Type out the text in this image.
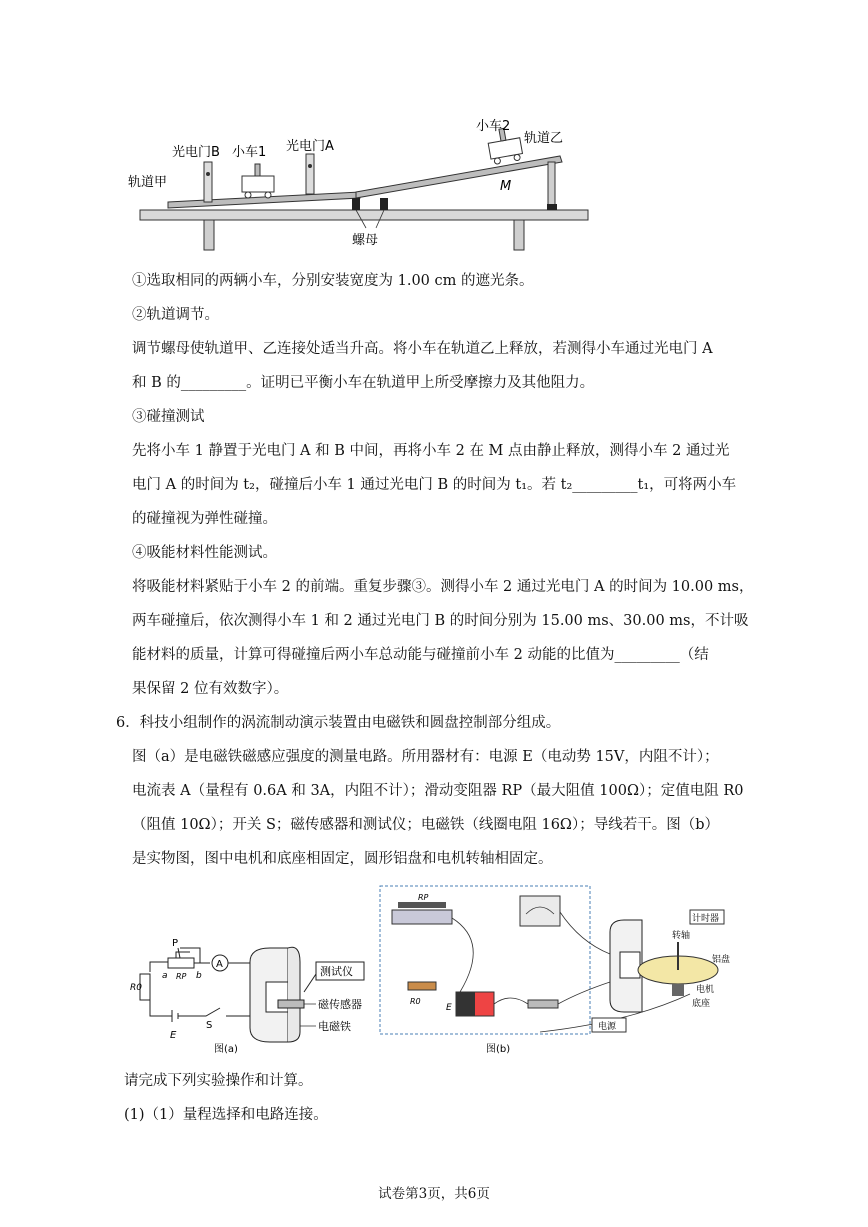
光电门B 小车1 光电门A
小车2
轨道乙
轨道甲	M
螺母

①选取相同的两辆小车，分别安装宽度为 1.00 cm 的遮光条。

②轨道调节。

调节螺母使轨道甲、乙连接处适当升高。将小车在轨道乙上释放，若测得小车通过光电门 A

和 B 的_________。证明已平衡小车在轨道甲上所受摩擦力及其他阻力。

③碰撞测试

先将小车 1 静置于光电门 A 和 B 中间，再将小车 2 在 M 点由静止释放，测得小车 2 通过光

电门 A 的时间为 t₂，碰撞后小车 1 通过光电门 B 的时间为 t₁。若 t₂_________t₁，可将两小车

的碰撞视为弹性碰撞。

④吸能材料性能测试。

将吸能材料紧贴于小车 2 的前端。重复步骤③。测得小车 2 通过光电门 A 的时间为 10.00 ms，

两车碰撞后，依次测得小车 1 和 2 通过光电门 B 的时间分别为 15.00 ms、30.00 ms，不计吸

能材料的质量，计算可得碰撞后两小车总动能与碰撞前小车 2 动能的比值为_________（结

果保留 2 位有效数字）。

6．科技小组制作的涡流制动演示装置由电磁铁和圆盘控制部分组成。

图（a）是电磁铁磁感应强度的测量电路。所用器材有：电源 E（电动势 15V，内阻不计）；

电流表 A（量程有 0.6A 和 3A，内阻不计）；滑动变阻器 RP（最大阻值 100Ω）；定值电阻 R0

（阻值 10Ω）；开关 S；磁传感器和测试仪；电磁铁（线圈电阻 16Ω）；导线若干。图（b）

是实物图，图中电机和底座相固定，圆形铝盘和电机转轴相固定。

测试仪
磁传感器
电磁铁
A
P
a	b
RP
R0
E
S
图(a)
计时器
转轴
铝盘
电机
底座
电源
RP
R0
E
图(b)

请完成下列实验操作和计算。

(1)（1）量程选择和电路连接。

试卷第3页，共6页
